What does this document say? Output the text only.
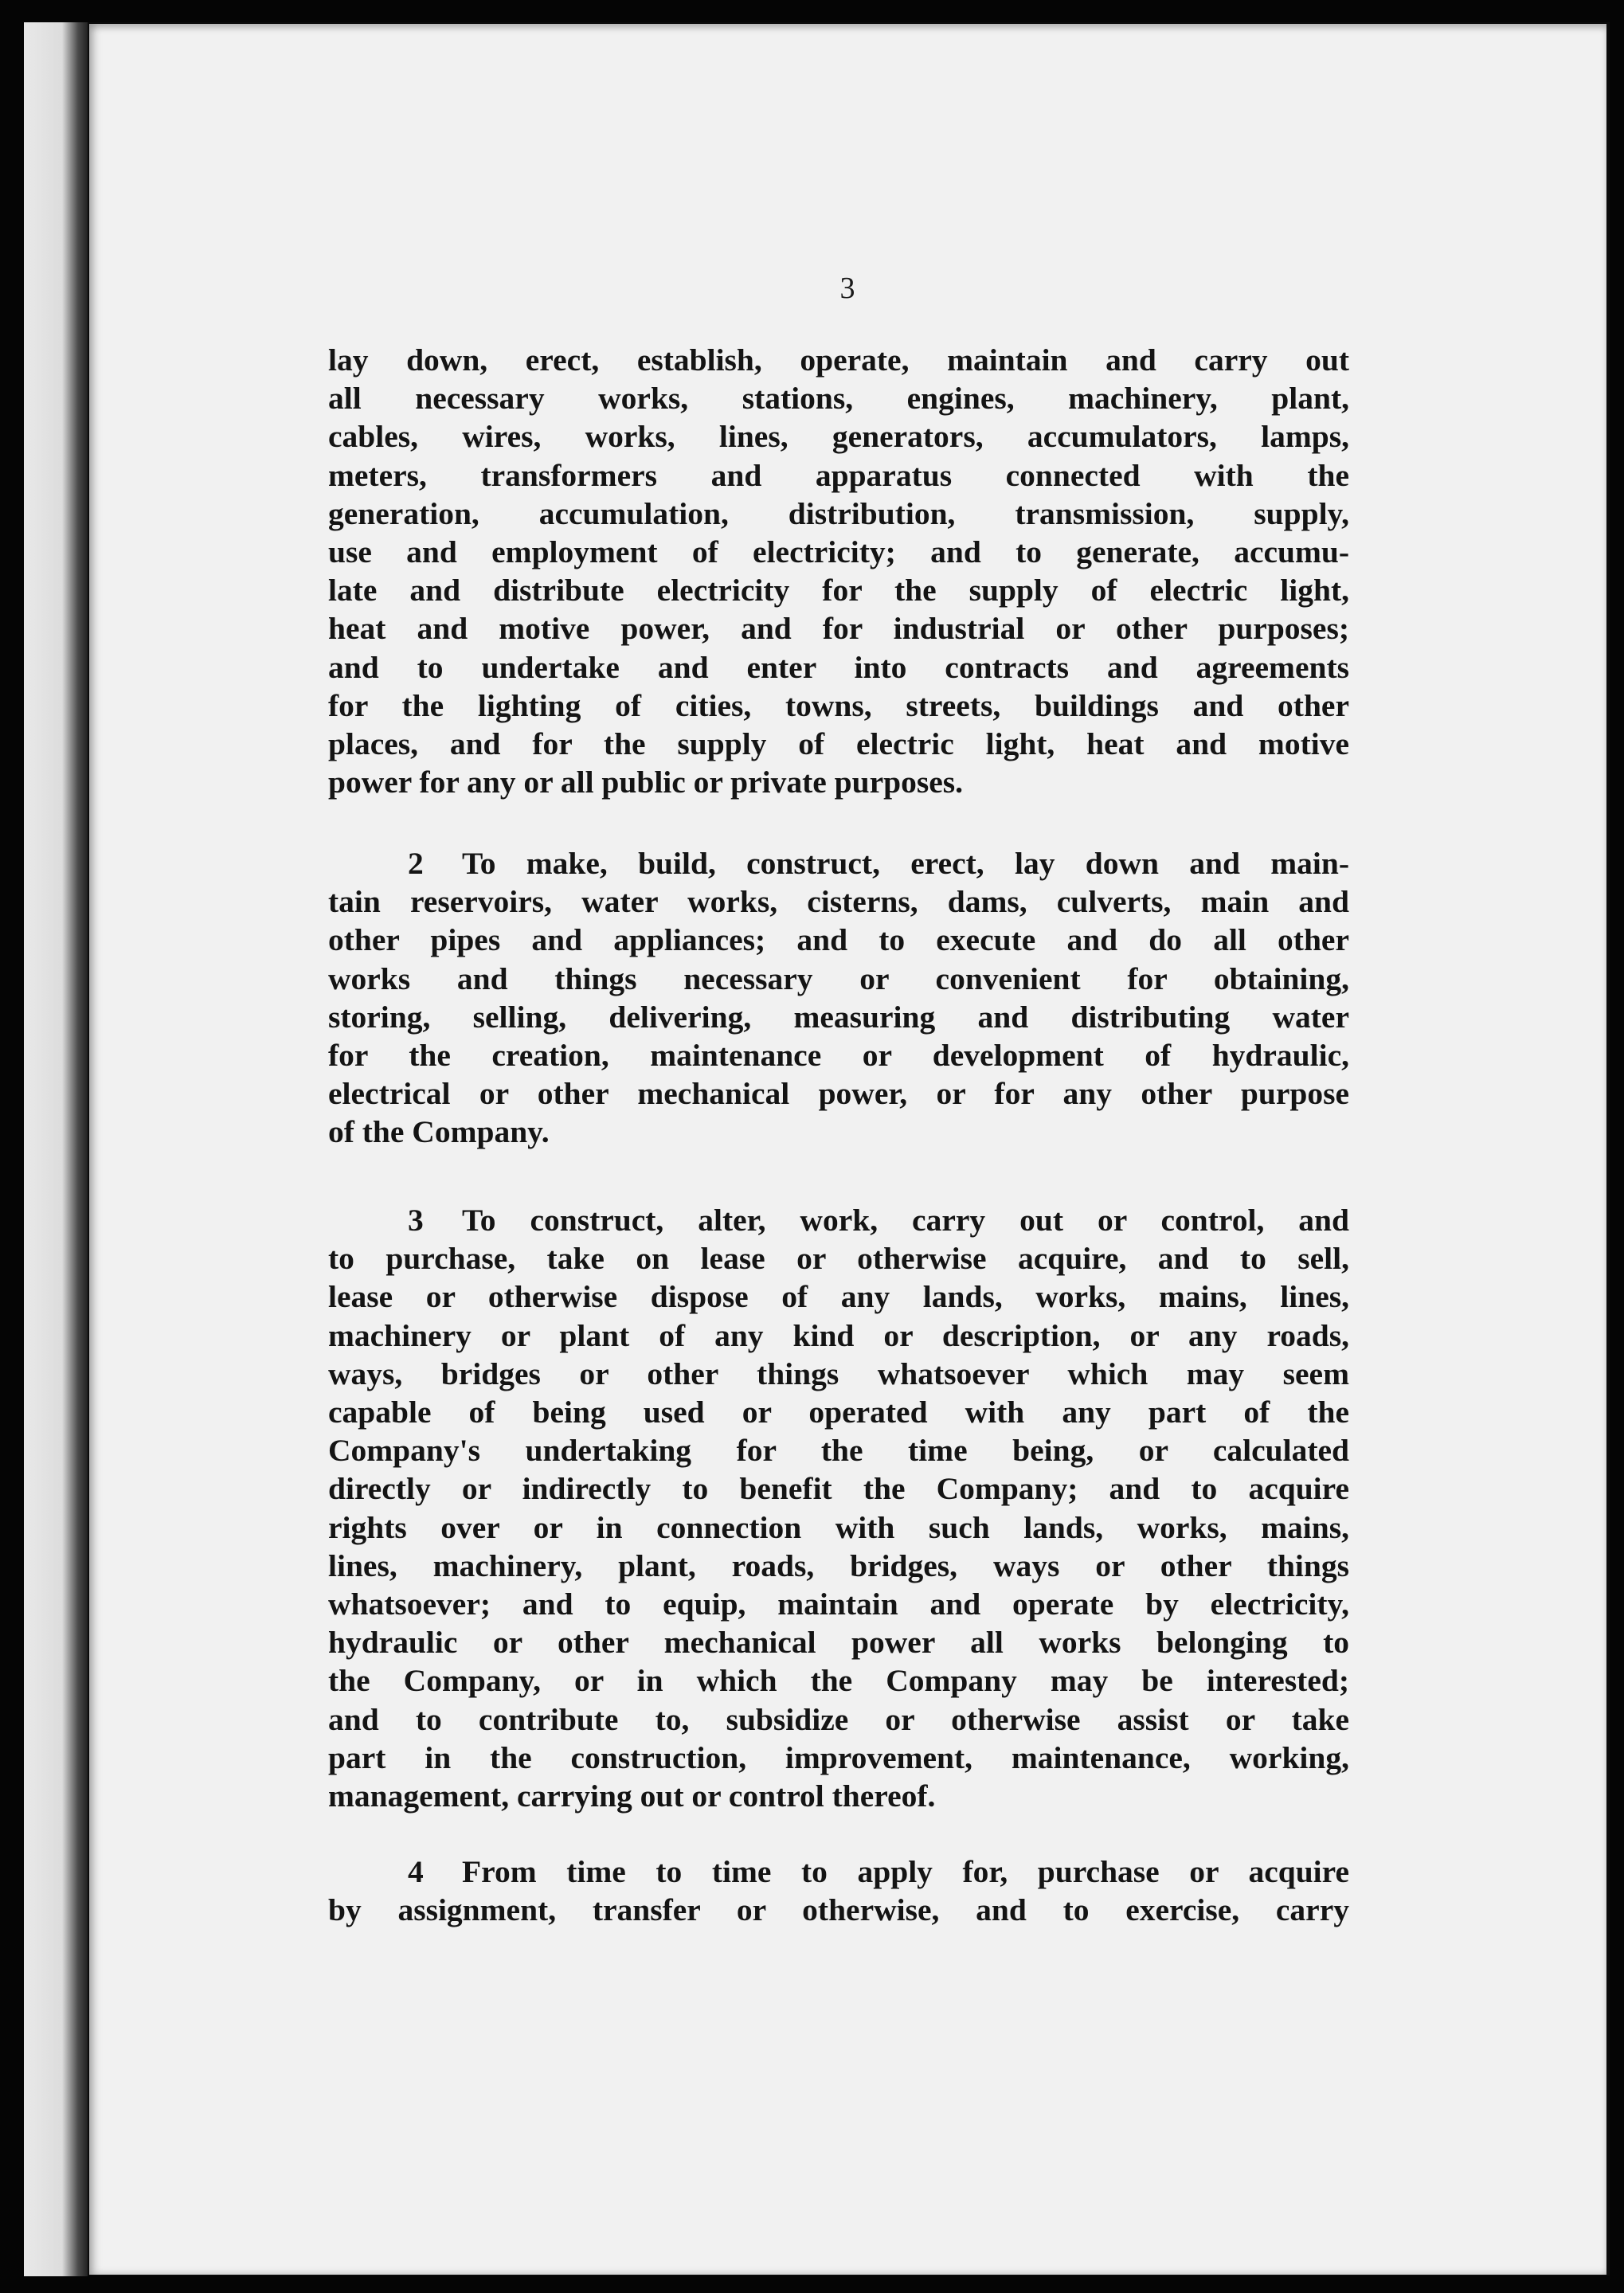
3
lay down, erect, establish, operate, maintain and carry out
all necessary works, stations, engines, machinery, plant,
cables, wires, works, lines, generators, accumulators, lamps,
meters, transformers and apparatus connected with the
generation, accumulation, distribution, transmission, supply,
use and employment of electricity; and to generate, accumu-
late and distribute electricity for the supply of electric light,
heat and motive power, and for industrial or other purposes;
and to undertake and enter into contracts and agreements
for the lighting of cities, towns, streets, buildings and other
places, and for the supply of electric light, heat and motive
power for any or all public or private purposes.
2 To make, build, construct, erect, lay down and main-
tain reservoirs, water works, cisterns, dams, culverts, main and
other pipes and appliances; and to execute and do all other
works and things necessary or convenient for obtaining,
storing, selling, delivering, measuring and distributing water
for the creation, maintenance or development of hydraulic,
electrical or other mechanical power, or for any other purpose
of the Company.
3 To construct, alter, work, carry out or control, and
to purchase, take on lease or otherwise acquire, and to sell,
lease or otherwise dispose of any lands, works, mains, lines,
machinery or plant of any kind or description, or any roads,
ways, bridges or other things whatsoever which may seem
capable of being used or operated with any part of the
Company's undertaking for the time being, or calculated
directly or indirectly to benefit the Company; and to acquire
rights over or in connection with such lands, works, mains,
lines, machinery, plant, roads, bridges, ways or other things
whatsoever; and to equip, maintain and operate by electricity,
hydraulic or other mechanical power all works belonging to
the Company, or in which the Company may be interested;
and to contribute to, subsidize or otherwise assist or take
part in the construction, improvement, maintenance, working,
management, carrying out or control thereof.
4 From time to time to apply for, purchase or acquire
by assignment, transfer or otherwise, and to exercise, carry
